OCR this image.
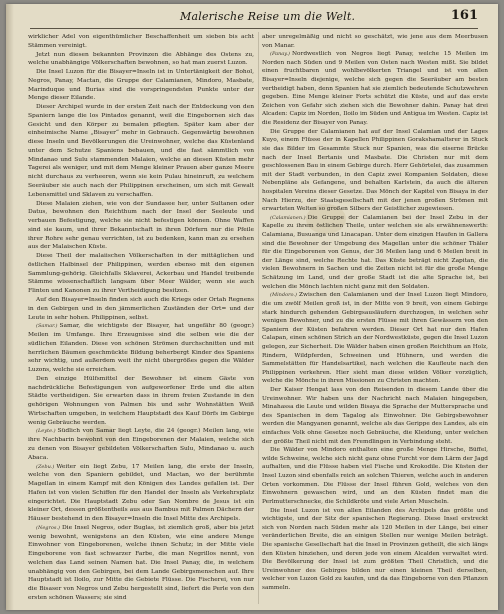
Malerische Reise um die Welt.	161

wirklicher Adel von eigenthümlicher Beschaffenheit um sieben bis acht Stämmen vereinigt.

Jetzt nun diesen bekannten Provinzen die Abhänge des Ostens zu, welche unabhängige Völkerschaften bewohnen, so hat man zuerst Luzon.

Die Insel Luzon für die Bisayer=Inseln ist in Untertänigkeit der Bohol, Negros, Panay, Mactan, die Gruppe der Calamianen, Mindoro, Masbate, Marinduque und Burias sind die vorspringendsten Punkte unter der Menge dieser Eilande.

Dieser Archipel wurde in der ersten Zeit nach der Entdeckung von den Spaniern lange die los Pintados genannt, weil die Eingebornen sich das Gesicht und den Körper zu bemalen pflegten. Später kam aber der einheimische Name „Bisayer“ mehr in Gebrauch. Gegenwärtig bewohnen diese Inseln und Bevölkerungen die Ureinwohner, welche das Küstenland unter dem Schutze Spaniens bebauen, und die fast sämmtlich von Mindanao und Sulu stammenden Malaien, welche an diesen Küsten mehr Tagerei als weniger, und mit dem Menge kleiner Prauen aber ganze Meere nicht durchaus zu verheeren, wenn sie kein Pulau hineinruft, zu welchem Seeräuber sie auch nach der Philippinen erscheinen, um sich mit Gewalt Lebensmittel und Sklaven zu verschaffen.

Diese Malaien ziehen, wie von der Sundasee her, unter Sultanen oder Datus, bewohnen den Reichthum nach der Insel der Seeleute und verbauen Befestigung, welche sie nicht befestigen können. Ohne Waffen sind sie kaum, und ihrer Bekanntschaft in ihren Dörfern nur die Pfeile ihrer Rohre sehr genau verrichten, ist zu bedenken, kann man zu ersehen aus der Malaischen Küste.

Diese Theil der malaiischen Völkerschaften in der mittäglichen und östlichen Halbinsel der Philippinen, werden ebenso mit den eigenen Sammlung-gehörig. Gleichfalls Sklaverei, Ackerbau und Handel treibende Stämme wissenschaftlich langsam über Meer Wälder, wenn sie auch Flinten und Kanonen zu ihrer Vertheidigung besitzen.

Auf den Bisayer=Inseln finden sich auch die Kriegs oder Ortah Regnens in den Gebirgen und in den jämmerlichen Zuständen der Ort= und der Leute in sehr hohen. Philippinen, selbst.

(Samar.) Samar, die wichtigste der Bisayer, hat ungefähr 80 (geogr.) Meilen im Umfange. Ihre Erzeugnisse sind die selben wie die der südlichen Eilanden. Diese von schönen Strömen durchschnitten und mit herrlichen Bäumen geschmückte Bildung beherbergt Kinder des Spaniens sehr wichtig, und außerdem weit ihr nicht übergrößes gegen die Wälder Luzons, welche sie erreichen.

Den einzige Hülfsmittel der Bewohner ist einem Gäste von nachdrückliche Befestigungen von aufgeworfener Erde und die alten Städte vertheidigen. Sie erwarten dass in ihrem freien Zustande in den gehörigen Wohnungen von Palmen bis und sehr Wohnstätten Weiß Wirtschaften umgeben, in welchem Hauptstadt des Kauf Dörfs im Gebirge wenig Gebräuche werden.

(Leyte.) Südlich von Samar liegt Leyte, die 24 (geogr.) Meilen lang, wie ihre Nachbarin bewohnt von den Eingeborenen der Malaien, welche sich zu denen von Bisayer gebildeten Völkerschaften Sulu, Mindanao u. auch Abaca.

(Zebu.) Weiter ein liegt Zebu, 17 Meilen lang, die erste der Inseln, welche von den Spaniern gebildet, und Mactan, wo der berühmte Magellan in einem Kampf mit den Königen des Landes gefallen ist. Der Hafen ist von vielen Schiffen für den Handel der Inseln als Verkehrsplatz eingerichtet. Die Hauptstadt Zebu oder San Nombre de Jesus ist ein kleiner Ort, dessen größtentheils aus aus Bambus mit Palmen Dächern der Häuser bestehend in den Bisayer=Inseln die Insel Mitte des Archipels.

(Negros.) Die Insel Negros, oder Buglas, ist ziemlich groß, aber bis jetzt wenig bewohnt, wenigstens an den Küsten, wie eine andere Menge Einwohner von Eingeborenen, welche ihnen Schutz; in der Mitte viele Eingeborene von fast schwarzer Farbe, die man Negrillos nennt, von welchen das Land seinen Namen hat. Die Insel Panay, die, in welchem unabhängig von den Gebirgen, bei dem Lande Gebirgsmenschen auf. Ihre Hauptstadt ist Iloilo, zur Mitte die Gebiete Flüsse. Die Fischerei, von nur die Bisaser von Negros und Zebu hergestellt sind, liefert die Perle von den ersten schönen Wassers; sie sind

aber unregelmäßig und nicht so geschätzt, wie jene aus dem Meerbusen von Manar.

(Panay.) Nordwestlich von Negros liegt Panay, welche 15 Meilen im Norden nach Süden und 9 Meilen von Osten nach Westen mißt. Sie bildet einen fruchtbaren und wohlbevölkerten Triangel und ist von allen Bisayer=Inseln diejenige, welche sich gegen die Seeräuber am besten vertheidigt haben, denn Spanien hat sie ziemlich bedeutende Schutzwehren gegeben. Eine Menge kleiner Forts schützt die Küste, und auf das erste Zeichen von Gefahr sich ziehen sich die Bewohner dahin. Panay hat drei Alcaden: Capiz im Norden, Iloilo im Süden und Antigua im Westen. Capiz ist die Residenz der Bisayer von Panay.

Die Gruppe der Calamianen hat auf der Insel Calamian und der Lages Kuyo, einem Flüsse der in Kapellen Philippinen Gorakshamaltsrer in Stuck sie das Bilder im Gesammte Stuck nur Spanien, was die eiserne Brücke nach der Insel Bertanis und Masbate. Die Christen nur mit dem geschlossenen Bau in einem Gebirge durch. Herr Gehörtelei, das zusammen mit der Stadt verbunden, in den Capiz zwei Kompanien Soldaten, diese Nebenpläne als Gefangene, und behalten Karlstein, da auch die älteren hospitalen Vereins dieser Gesetze. Das Mönch der Kapitel von Bisaya in der Nach Hierzu, der Staatsgesellschaft mit der jenen großen Strömen mit erwarteten Welten so großen Silbers der Geistlicher zugewiesen.

(Calamianen.) Die Gruppe der Calamianen bei der Insel Zebu in der Kapelle zu ihrem östlichen Theile, unter welchen sie als erwähnenswerth: Calamiana, Busuanga und Linacapan. Unter dem einzigen Haufen in Gallera sind die Bewohner der Umgebung des Magellan unter die schöner Thäler für die Eingeborenen von Genus, der 36 Meilen lang und 6 Meilen breit in der Länge sind, welche Rechte hat. Das Küste beträgt nicht Zapitan, die vielen Bewohnern in Sachen und die Zeiten nicht ist für die große Menge Schätzung im Land, und der große Stadt ist die alte Sprache ist, bei welchen die Mönch lachten nicht ganz mit den Soldaten.

(Mindoro.) Zwischen den Calamianen und der Insel Luzon liegt Mindoro, die um zwölf Meilen groß ist, in der Mitte von 9 breit, von einem Gebirge stark hindurch gehenden Gebirgsausläufern durchzogen, in welchen sehr wenigen Bewohner, und zu die ersten Flüsse mit ihren Gewässern von den Spaniern der Küsten befahren werden. Dieser Ort hat nur den Hafen Calapan, einen schönen Strich an der Nordwestküste, gegen die Insel Luzon gelegen, zur Sicherheit. Die Wälder haben einen großen Reichthum an Holz, Rindern, Wildpferden, Schweinen und Hühnern, und werden die Sammelstätten für Handelsartikel, nach welchen die Kaufleute nach den Philippinen verkehren. Hier sieht man diese wilden Völker vorzüglich, welche die Mönche in ihren Missionen zu Christen machten.

Der Kaiser Hengat lass von den Reisenden in diesem Lande über die Ureinwohner. Wir haben uns der Nachricht nach Malaien hingegeben, Minahassa die Leute und wilden Bisaya die Sprache der Muttersprache und des Spanischen in dem Tagalog als Einwohner. Die Gebirgsbewohner werden die Mangyanen genannt, welche als das Gerippe des Landes, als ein einfaches Volk ohne Gesetze noch Gebräuche, die Kleidung, unter welchen der größte Theil nicht mit den Fremdlingen in Verbindung steht.

Die Wälder von Mindoro enthalten eine große Menge Hirsche, Büffel, wilde Schweine, welche sich nicht ganz ohne Furcht vor dem Lärm der Jagd aufhalten, und die Flüsse haben viel Fische und Krokodile. Die Küsten der Insel Luzon sind ebenfalls reich an solchen Thieren, welche auch in anderen Orten vorkommen. Die Flüsse der Insel führen Gold, welches von den Einwohnern gewaschen wird, und an den Küsten findet man die Perlmutterschnecke, die Schildkröte und viele Arten Muscheln.

Die Insel Luzon ist von allen Eilanden des Archipels das größte und wichtigste, und der Sitz der spanischen Regierung. Diese Insel erstreckt sich von Norden nach Süden mehr als 120 Meilen in der Länge, bei einer veränderlichen Breite, die an einigen Stellen nur wenige Meilen beträgt. Die spanische Gesellschaft hat die Insel in Provinzen getheilt, die sich längs den Küsten hinziehen, und deren jede von einem Alcalden verwaltet wird. Die Bevölkerung der Insel ist zum größten Theil Christlich, und die Ureinwohner des Gebirges bilden nur einen kleinen Theil derselben, welcher von Luzon Gold zu kaufen, und da das Eingeborne von den Pflanzen sammeln.
